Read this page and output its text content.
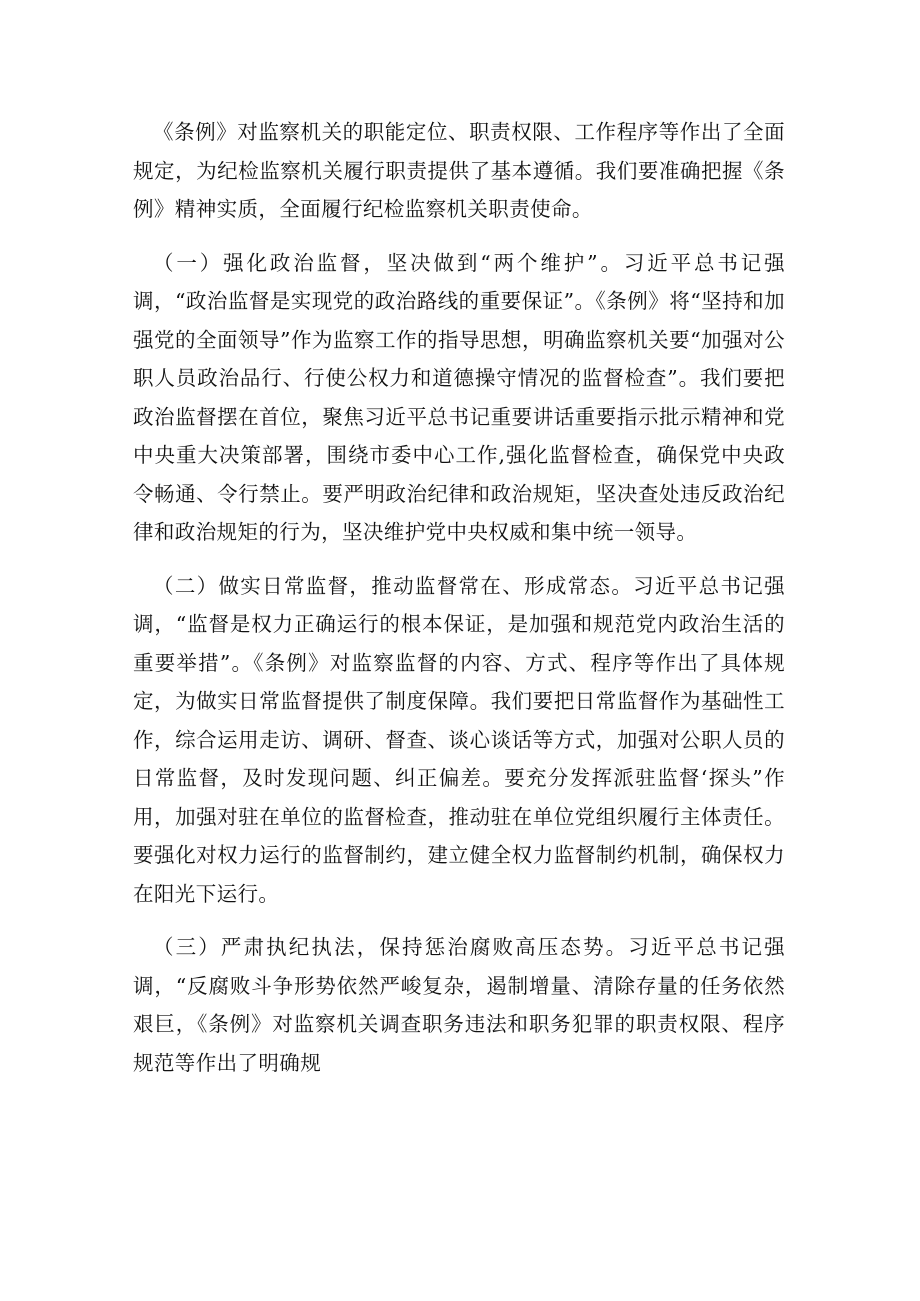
《条例》对监察机关的职能定位、职责权限、工作程序等作出了全面规定，为纪检监察机关履行职责提供了基本遵循。我们要准确把握《条例》精神实质，全面履行纪检监察机关职责使命。

（一）强化政治监督，坚决做到“两个维护”。习近平总书记强调，“政治监督是实现党的政治路线的重要保证”。《条例》将“坚持和加强党的全面领导”作为监察工作的指导思想，明确监察机关要“加强对公职人员政治品行、行使公权力和道德操守情况的监督检查”。我们要把政治监督摆在首位，聚焦习近平总书记重要讲话重要指示批示精神和党中央重大决策部署，围绕市委中心工作,强化监督检查，确保党中央政令畅通、令行禁止。要严明政治纪律和政治规矩，坚决查处违反政治纪律和政治规矩的行为，坚决维护党中央权威和集中统一领导。

（二）做实日常监督，推动监督常在、形成常态。习近平总书记强调，“监督是权力正确运行的根本保证，是加强和规范党内政治生活的重要举措”。《条例》对监察监督的内容、方式、程序等作出了具体规定，为做实日常监督提供了制度保障。我们要把日常监督作为基础性工作，综合运用走访、调研、督查、谈心谈话等方式，加强对公职人员的日常监督，及时发现问题、纠正偏差。要充分发挥派驻监督‘探头”作用，加强对驻在单位的监督检查，推动驻在单位党组织履行主体责任。要强化对权力运行的监督制约，建立健全权力监督制约机制，确保权力在阳光下运行。

（三）严肃执纪执法，保持惩治腐败高压态势。习近平总书记强调，“反腐败斗争形势依然严峻复杂，遏制增量、清除存量的任务依然艰巨，《条例》对监察机关调查职务违法和职务犯罪的职责权限、程序规范等作出了明确规
